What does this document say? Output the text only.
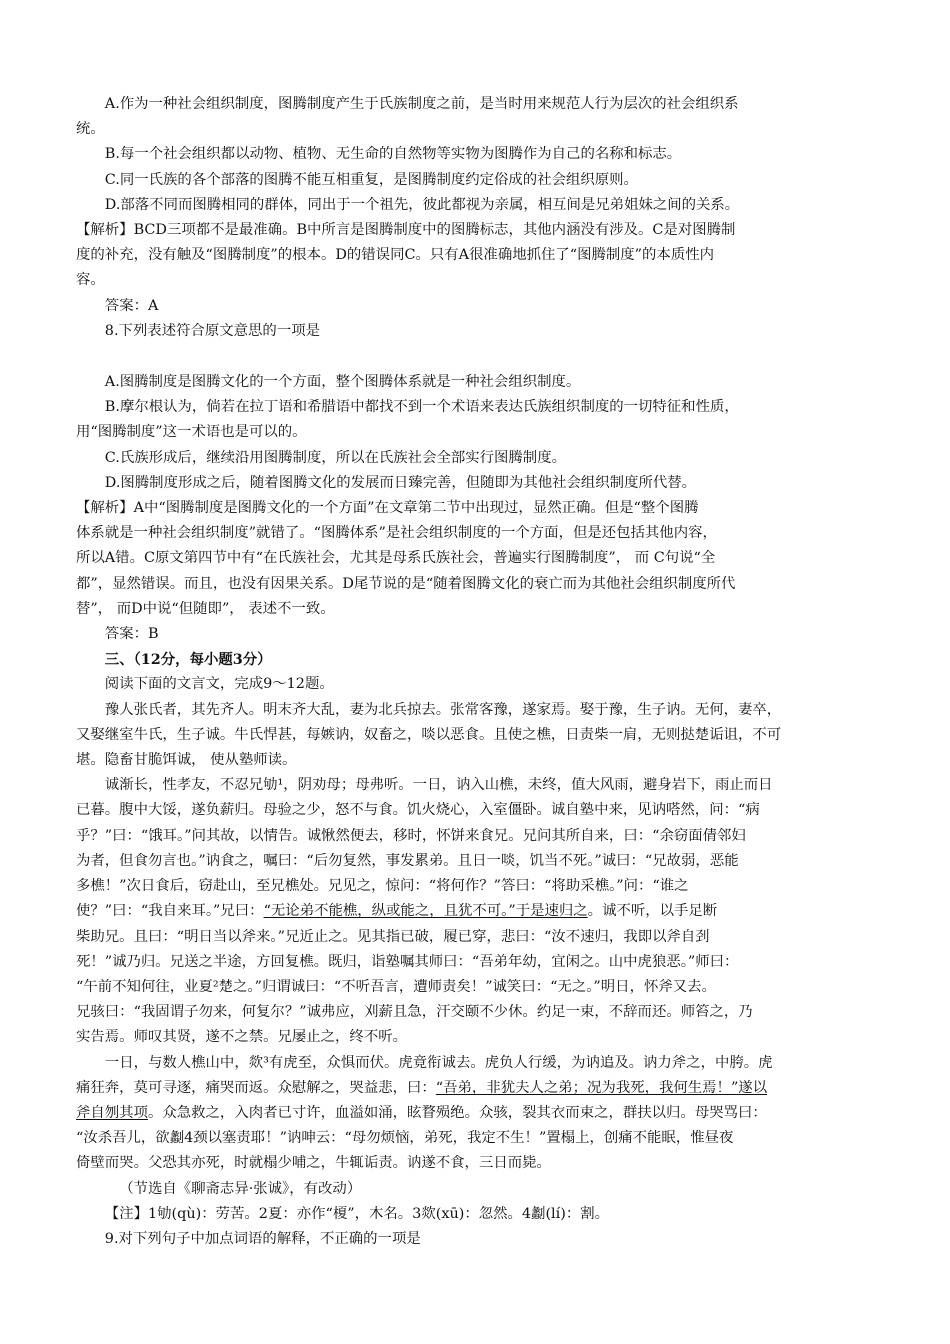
A.作为一种社会组织制度，图腾制度产生于氏族制度之前，是当时用来规范人行为层次的社会组织系

统。

B.每一个社会组织都以动物、植物、无生命的自然物等实物为图腾作为自己的名称和标志。

C.同一氏族的各个部落的图腾不能互相重复，是图腾制度约定俗成的社会组织原则。

D.部落不同而图腾相同的群体，同出于一个祖先，彼此都视为亲属，相互间是兄弟姐妹之间的关系。

【解析】BCD三项都不是最准确。B中所言是图腾制度中的图腾标志，其他内涵没有涉及。C是对图腾制

度的补充，没有触及“图腾制度”的根本。D的错误同C。只有A很准确地抓住了“图腾制度”的本质性内

容。

答案：A

8.下列表述符合原文意思的一项是

A.图腾制度是图腾文化的一个方面，整个图腾体系就是一种社会组织制度。

B.摩尔根认为，倘若在拉丁语和希腊语中都找不到一个术语来表达氏族组织制度的一切特征和性质，

用“图腾制度”这一术语也是可以的。

C.氏族形成后，继续沿用图腾制度，所以在氏族社会全部实行图腾制度。

D.图腾制度形成之后，随着图腾文化的发展而日臻完善，但随即为其他社会组织制度所代替。

【解析】A中“图腾制度是图腾文化的一个方面”在文章第二节中出现过，显然正确。但是“整个图腾

体系就是一种社会组织制度”就错了。“图腾体系”是社会组织制度的一个方面，但是还包括其他内容，

所以A错。C原文第四节中有“在氏族社会，尤其是母系氏族社会，普遍实行图腾制度”， 而 C句说“全

都”，显然错误。而且，也没有因果关系。D尾节说的是“随着图腾文化的衰亡而为其他社会组织制度所代

替”， 而D中说“但随即”， 表述不一致。

答案：B

三、（12分，每小题3分）

阅读下面的文言文，完成9～12题。

豫人张氏者，其先齐人。明末齐大乱，妻为北兵掠去。张常客豫，遂家焉。娶于豫，生子讷。无何，妻卒，

又娶继室牛氏，生子诚。牛氏悍甚，每嫉讷，奴畜之，啖以恶食。且使之樵，日责柴一肩，无则挞楚诟诅，不可

堪。隐畜甘脆饵诚， 使从塾师读。

诚渐长，性孝友，不忍兄劬¹，阴劝母；母弗听。一日，讷入山樵，未终，值大风雨，避身岩下，雨止而日

已暮。腹中大馁，遂负薪归。母验之少，怒不与食。饥火烧心，入室僵卧。诚自塾中来，见讷嗒然，问：“病

乎？”曰：“饿耳。”问其故，以情告。诚愀然便去，移时，怀饼来食兄。兄问其所自来，曰：“余窃面倩邻妇

为者，但食勿言也。”讷食之，嘱曰：“后勿复然，事发累弟。且日一啖，饥当不死。”诚曰：“兄故弱，恶能

多樵！”次日食后，窃赴山，至兄樵处。兄见之，惊问：“将何作？”答曰：“将助采樵。”问：“谁之

使？”曰：“我自来耳。”兄曰：“无论弟不能樵，纵或能之，且犹不可。”于是速归之。诚不听，以手足断

柴助兄。且曰：“明日当以斧来。”兄近止之。见其指已破，履已穿，悲曰：“汝不速归，我即以斧自刭

死！”诚乃归。兄送之半途，方回复樵。既归，诣塾嘱其师曰：“吾弟年幼，宜闲之。山中虎狼恶。”师曰：

“午前不知何往，业夏²楚之。”归谓诚曰：“不听吾言，遭师责矣！”诚笑曰：“无之。”明日，怀斧又去。

兄骇曰：“我固谓子勿来，何复尔？”诚弗应，刈薪且急，汗交颐不少休。约足一束，不辞而还。师笞之，乃

实告焉。师叹其贤，遂不之禁。兄屡止之，终不听。

一日，与数人樵山中，欻³有虎至，众惧而伏。虎竟衔诚去。虎负人行缓，为讷追及。讷力斧之，中胯。虎

痛狂奔，莫可寻逐，痛哭而返。众慰解之，哭益悲，曰：“吾弟，非犹夫人之弟；况为我死，我何生焉！”遂以

斧自刎其项。众急救之，入肉者已寸许，血溢如涌，眩瞀殒绝。众骇，裂其衣而束之，群扶以归。母哭骂曰：

“汝杀吾儿，欲劙4颈以塞责耶！”讷呻云：“母勿烦恼，弟死，我定不生！”置榻上，创痛不能眠，惟昼夜

倚壁而哭。父恐其亦死，时就榻少哺之，牛辄诟责。讷遂不食，三日而毙。

（节选自《聊斋志异·张诚》，有改动）

【注】1劬(qù)：劳苦。2夏：亦作“榎”，木名。3欻(xū)：忽然。4劙(lí)：割。

9.对下列句子中加点词语的解释，不正确的一项是
